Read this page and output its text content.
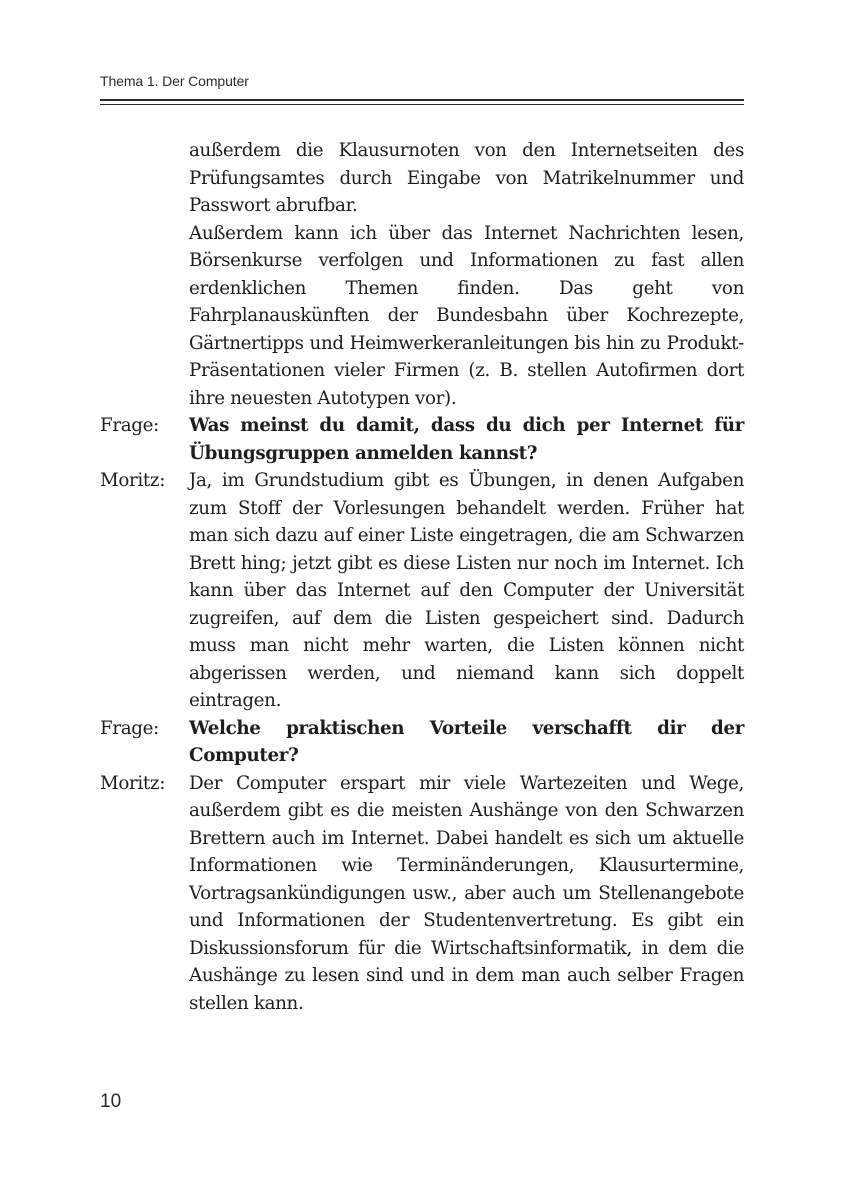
Thema 1. Der Computer
außerdem die Klausurnoten von den Internetseiten des Prüfungsamtes durch Eingabe von Matrikelnummer und Passwort abrufbar.
Außerdem kann ich über das Internet Nachrichten lesen, Börsenkurse verfolgen und Informationen zu fast allen erdenklichen Themen finden. Das geht von Fahrplanauskünften der Bundesbahn über Kochrezepte, Gärtnertipps und Heimwerkeranleitungen bis hin zu Produkt-Präsentationen vieler Firmen (z. B. stellen Autofirmen dort ihre neuesten Autotypen vor).
Frage:	Was meinst du damit, dass du dich per Internet für Übungsgruppen anmelden kannst?
Moritz:	Ja, im Grundstudium gibt es Übungen, in denen Aufgaben zum Stoff der Vorlesungen behandelt werden. Früher hat man sich dazu auf einer Liste eingetragen, die am Schwarzen Brett hing; jetzt gibt es diese Listen nur noch im Internet. Ich kann über das Internet auf den Computer der Universität zugreifen, auf dem die Listen gespeichert sind. Dadurch muss man nicht mehr warten, die Listen können nicht abgerissen werden, und niemand kann sich doppelt eintragen.
Frage:	Welche praktischen Vorteile verschafft dir der Computer?
Moritz:	Der Computer erspart mir viele Wartezeiten und Wege, außerdem gibt es die meisten Aushänge von den Schwarzen Brettern auch im Internet. Dabei handelt es sich um aktuelle Informationen wie Terminänderungen, Klausurtermine, Vortragsankündigungen usw., aber auch um Stellenangebote und Informationen der Studentenvertretung. Es gibt ein Diskussionsforum für die Wirtschaftsinformatik, in dem die Aushänge zu lesen sind und in dem man auch selber Fragen stellen kann.
10
